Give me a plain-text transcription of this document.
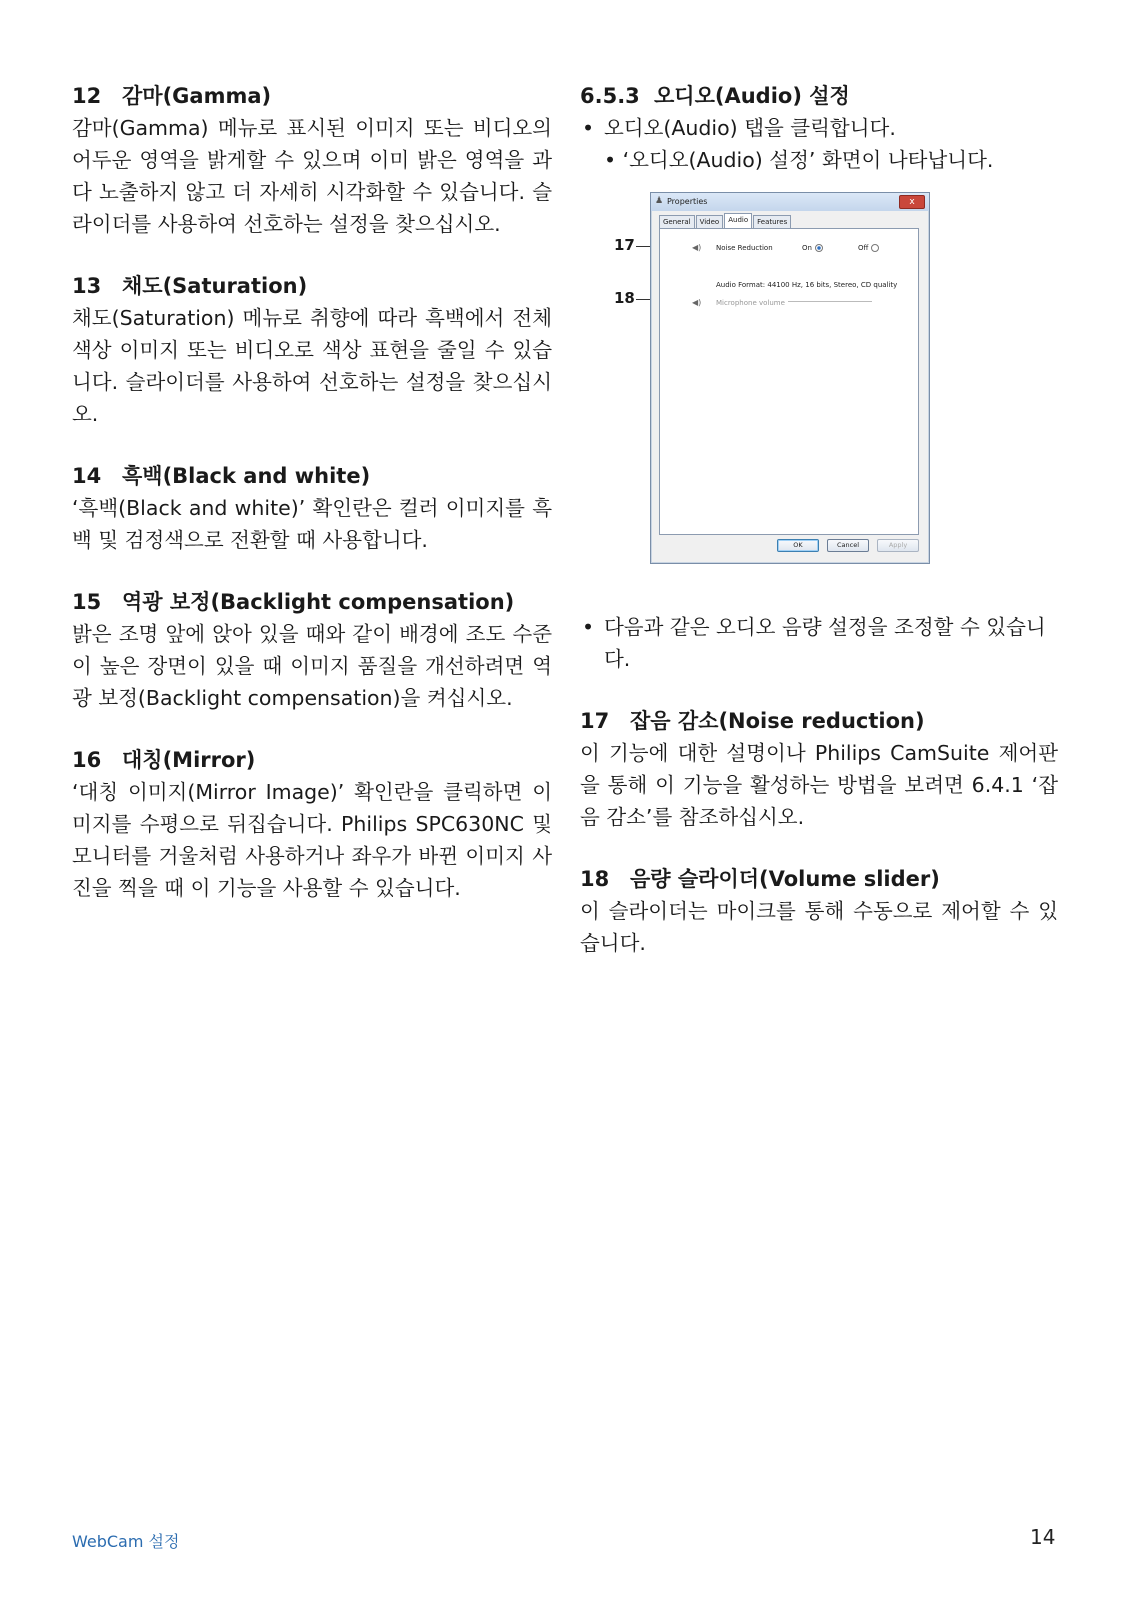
12 감마(Gamma)

감마(Gamma) 메뉴로 표시된 이미지 또는 비디오의 어두운 영역을 밝게할 수 있으며 이미 밝은 영역을 과다 노출하지 않고 더 자세히 시각화할 수 있습니다. 슬라이더를 사용하여 선호하는 설정을 찾으십시오.

13 채도(Saturation)

채도(Saturation) 메뉴로 취향에 따라 흑백에서 전체 색상 이미지 또는 비디오로 색상 표현을 줄일 수 있습니다. 슬라이더를 사용하여 선호하는 설정을 찾으십시오.

14 흑백(Black and white)

‘흑백(Black and white)’ 확인란은 컬러 이미지를 흑백 및 검정색으로 전환할 때 사용합니다.

15 역광 보정(Backlight compensation)

밝은 조명 앞에 앉아 있을 때와 같이 배경에 조도 수준이 높은 장면이 있을 때 이미지 품질을 개선하려면 역광 보정(Backlight compensation)을 켜십시오.

16 대칭(Mirror)

‘대칭 이미지(Mirror Image)’ 확인란을 클릭하면 이미지를 수평으로 뒤집습니다. Philips SPC630NC 및 모니터를 거울처럼 사용하거나 좌우가 바뀐 이미지 사진을 찍을 때 이 기능을 사용할 수 있습니다.

6.5.3 오디오(Audio) 설정

• 오디오(Audio) 탭을 클릭합니다.

• ‘오디오(Audio) 설정’ 화면이 나타납니다.

17
18
♟ Properties	x
General	Video	Audio	Features
◀) Noise Reduction	On	Off
Audio Format: 44100 Hz, 16 bits, Stereo, CD quality
◀) Microphone volume
OK	Cancel	Apply

• 다음과 같은 오디오 음량 설정을 조정할 수 있습니다.

17 잡음 감소(Noise reduction)

이 기능에 대한 설명이나 Philips CamSuite 제어판을 통해 이 기능을 활성하는 방법을 보려면 6.4.1 ‘잡음 감소’를 참조하십시오.

18 음량 슬라이더(Volume slider)

이 슬라이더는 마이크를 통해 수동으로 제어할 수 있습니다.

WebCam 설정	14
